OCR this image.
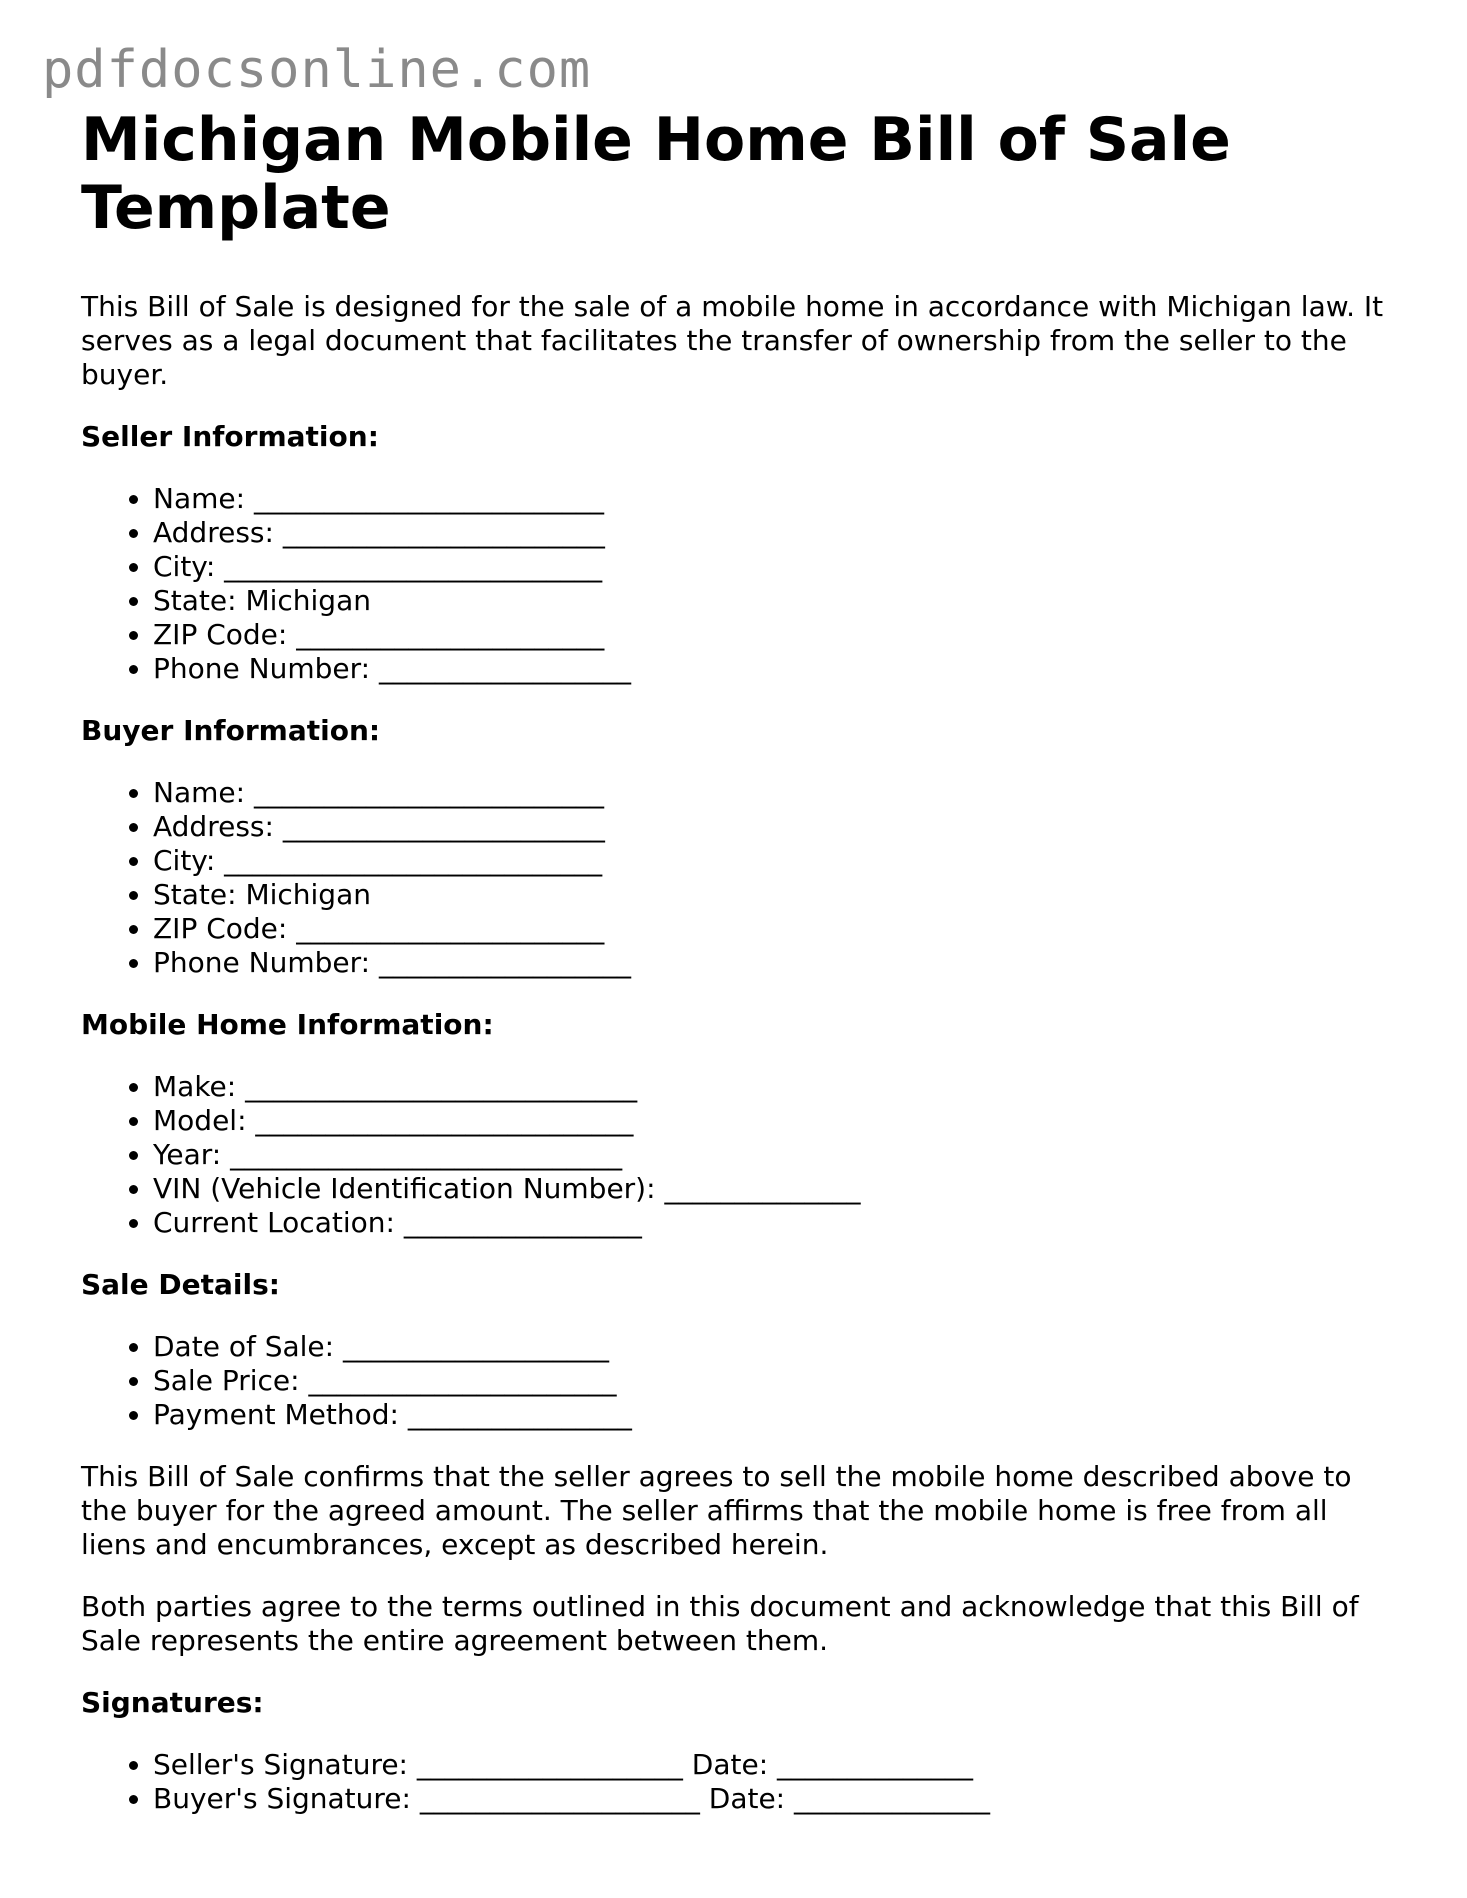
pdfdocsonline.com
Michigan Mobile Home Bill of Sale Template

This Bill of Sale is designed for the sale of a mobile home in accordance with Michigan law. It serves as a legal document that facilitates the transfer of ownership from the seller to the buyer.

Seller Information:
• Name: _________________________
• Address: _______________________
• City: ___________________________
• State: Michigan
• ZIP Code: ______________________
• Phone Number: __________________
Buyer Information:
• Name: _________________________
• Address: _______________________
• City: ___________________________
• State: Michigan
• ZIP Code: ______________________
• Phone Number: __________________
Mobile Home Information:
• Make: ____________________________
• Model: ___________________________
• Year: ____________________________
• VIN (Vehicle Identification Number): ______________
• Current Location: _________________
Sale Details:
• Date of Sale: ___________________
• Sale Price: ______________________
• Payment Method: ________________

This Bill of Sale confirms that the seller agrees to sell the mobile home described above to the buyer for the agreed amount. The seller affirms that the mobile home is free from all liens and encumbrances, except as described herein.

Both parties agree to the terms outlined in this document and acknowledge that this Bill of Sale represents the entire agreement between them.

Signatures:
• Seller's Signature: ___________________ Date: ______________
• Buyer's Signature: ____________________ Date: ______________
